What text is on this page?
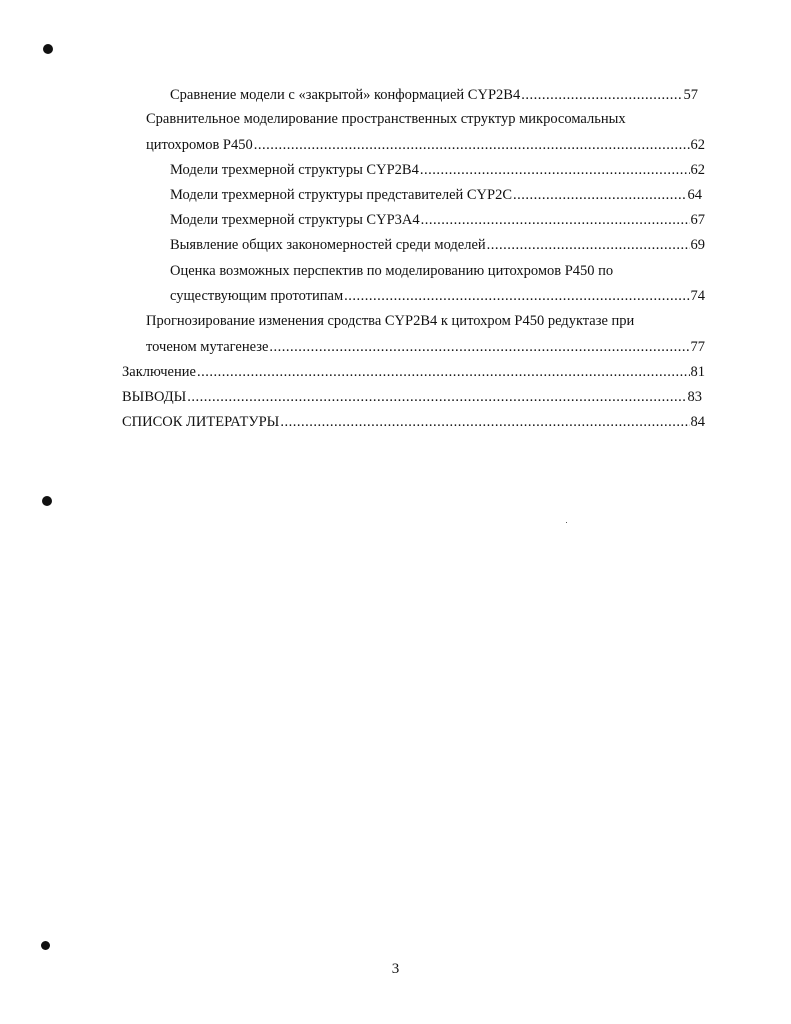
Сравнение модели с «закрытой» конформацией CYP2B4 .....	57
Сравнительное моделирование пространственных структур микросомальных
цитохромов Р450 .....	62
Модели трехмерной структуры CYP2B4 .....	62
Модели трехмерной структуры представителей CYP2C .....	64
Модели трехмерной структуры CYP3A4 .....	67
Выявление общих закономерностей среди моделей .....	69
Оценка возможных перспектив по моделированию цитохромов Р450 по
существующим прототипам .....	74
Прогнозирование изменения сродства CYP2B4 к цитохром Р450 редуктазе при
точеном мутагенезе .....	77
Заключение .....	81
ВЫВОДЫ .....	83
СПИСОК ЛИТЕРАТУРЫ .....	84
3
